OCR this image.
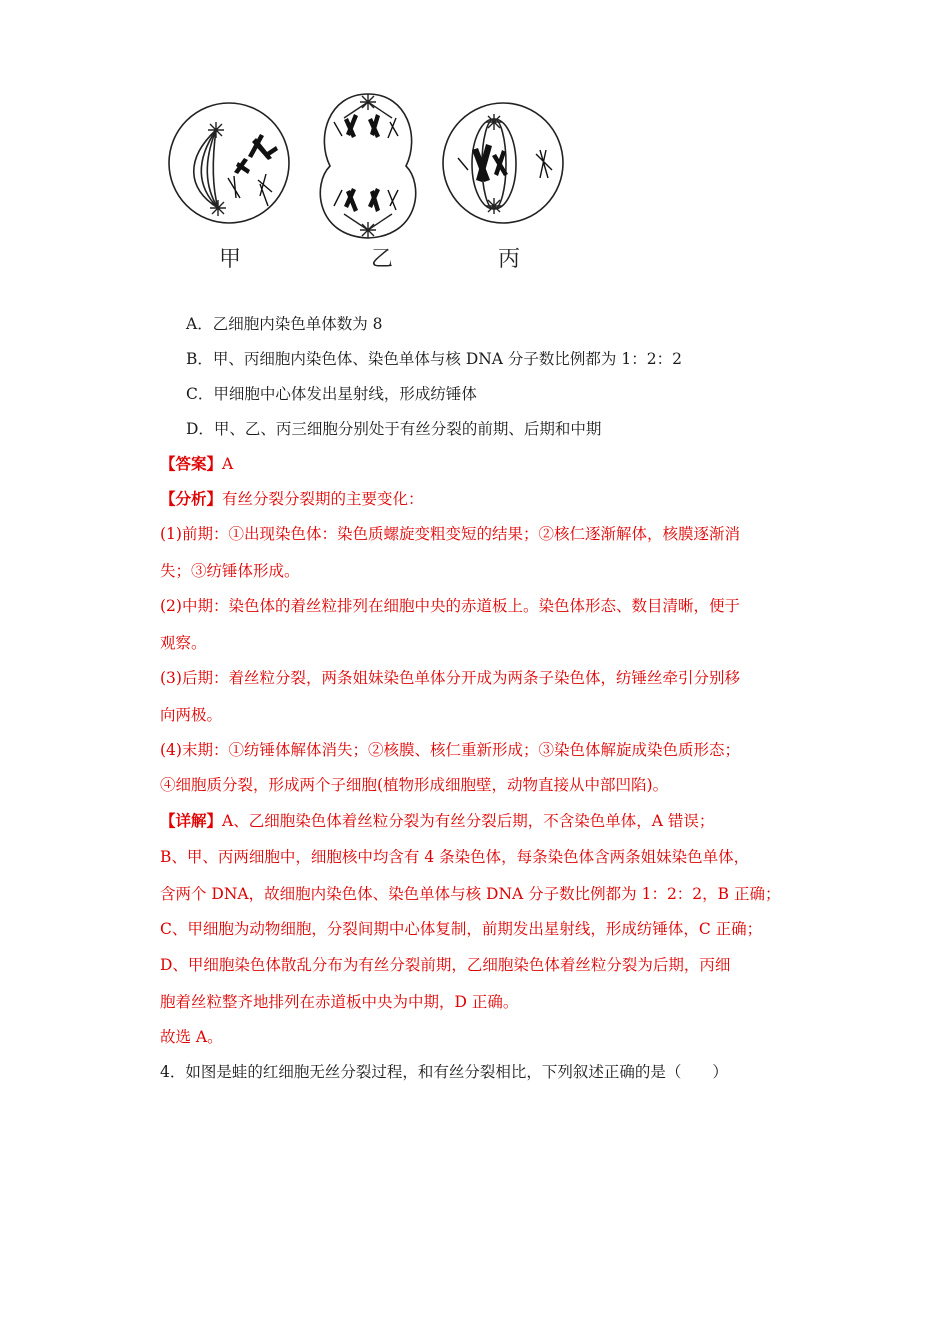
甲	乙	丙
A．乙细胞内染色单体数为 8
B．甲、丙细胞内染色体、染色单体与核 DNA 分子数比例都为 1：2：2
C．甲细胞中心体发出星射线，形成纺锤体
D．甲、乙、丙三细胞分别处于有丝分裂的前期、后期和中期
【答案】A
【分析】有丝分裂分裂期的主要变化：
(1)前期：①出现染色体：染色质螺旋变粗变短的结果；②核仁逐渐解体，核膜逐渐消
失；③纺锤体形成。
(2)中期：染色体的着丝粒排列在细胞中央的赤道板上。染色体形态、数目清晰，便于
观察。
(3)后期：着丝粒分裂，两条姐妹染色单体分开成为两条子染色体，纺锤丝牵引分别移
向两极。
(4)末期：①纺锤体解体消失；②核膜、核仁重新形成；③染色体解旋成染色质形态；
④细胞质分裂，形成两个子细胞(植物形成细胞壁，动物直接从中部凹陷)。
【详解】A、乙细胞染色体着丝粒分裂为有丝分裂后期，不含染色单体，A 错误；
B、甲、丙两细胞中，细胞核中均含有 4 条染色体，每条染色体含两条姐妹染色单体，
含两个 DNA，故细胞内染色体、染色单体与核 DNA 分子数比例都为 1：2：2，B 正确；
C、甲细胞为动物细胞，分裂间期中心体复制，前期发出星射线，形成纺锤体，C 正确；
D、甲细胞染色体散乱分布为有丝分裂前期，乙细胞染色体着丝粒分裂为后期，丙细
胞着丝粒整齐地排列在赤道板中央为中期，D 正确。
故选 A。
4．如图是蛙的红细胞无丝分裂过程，和有丝分裂相比，下列叙述正确的是（　　）
